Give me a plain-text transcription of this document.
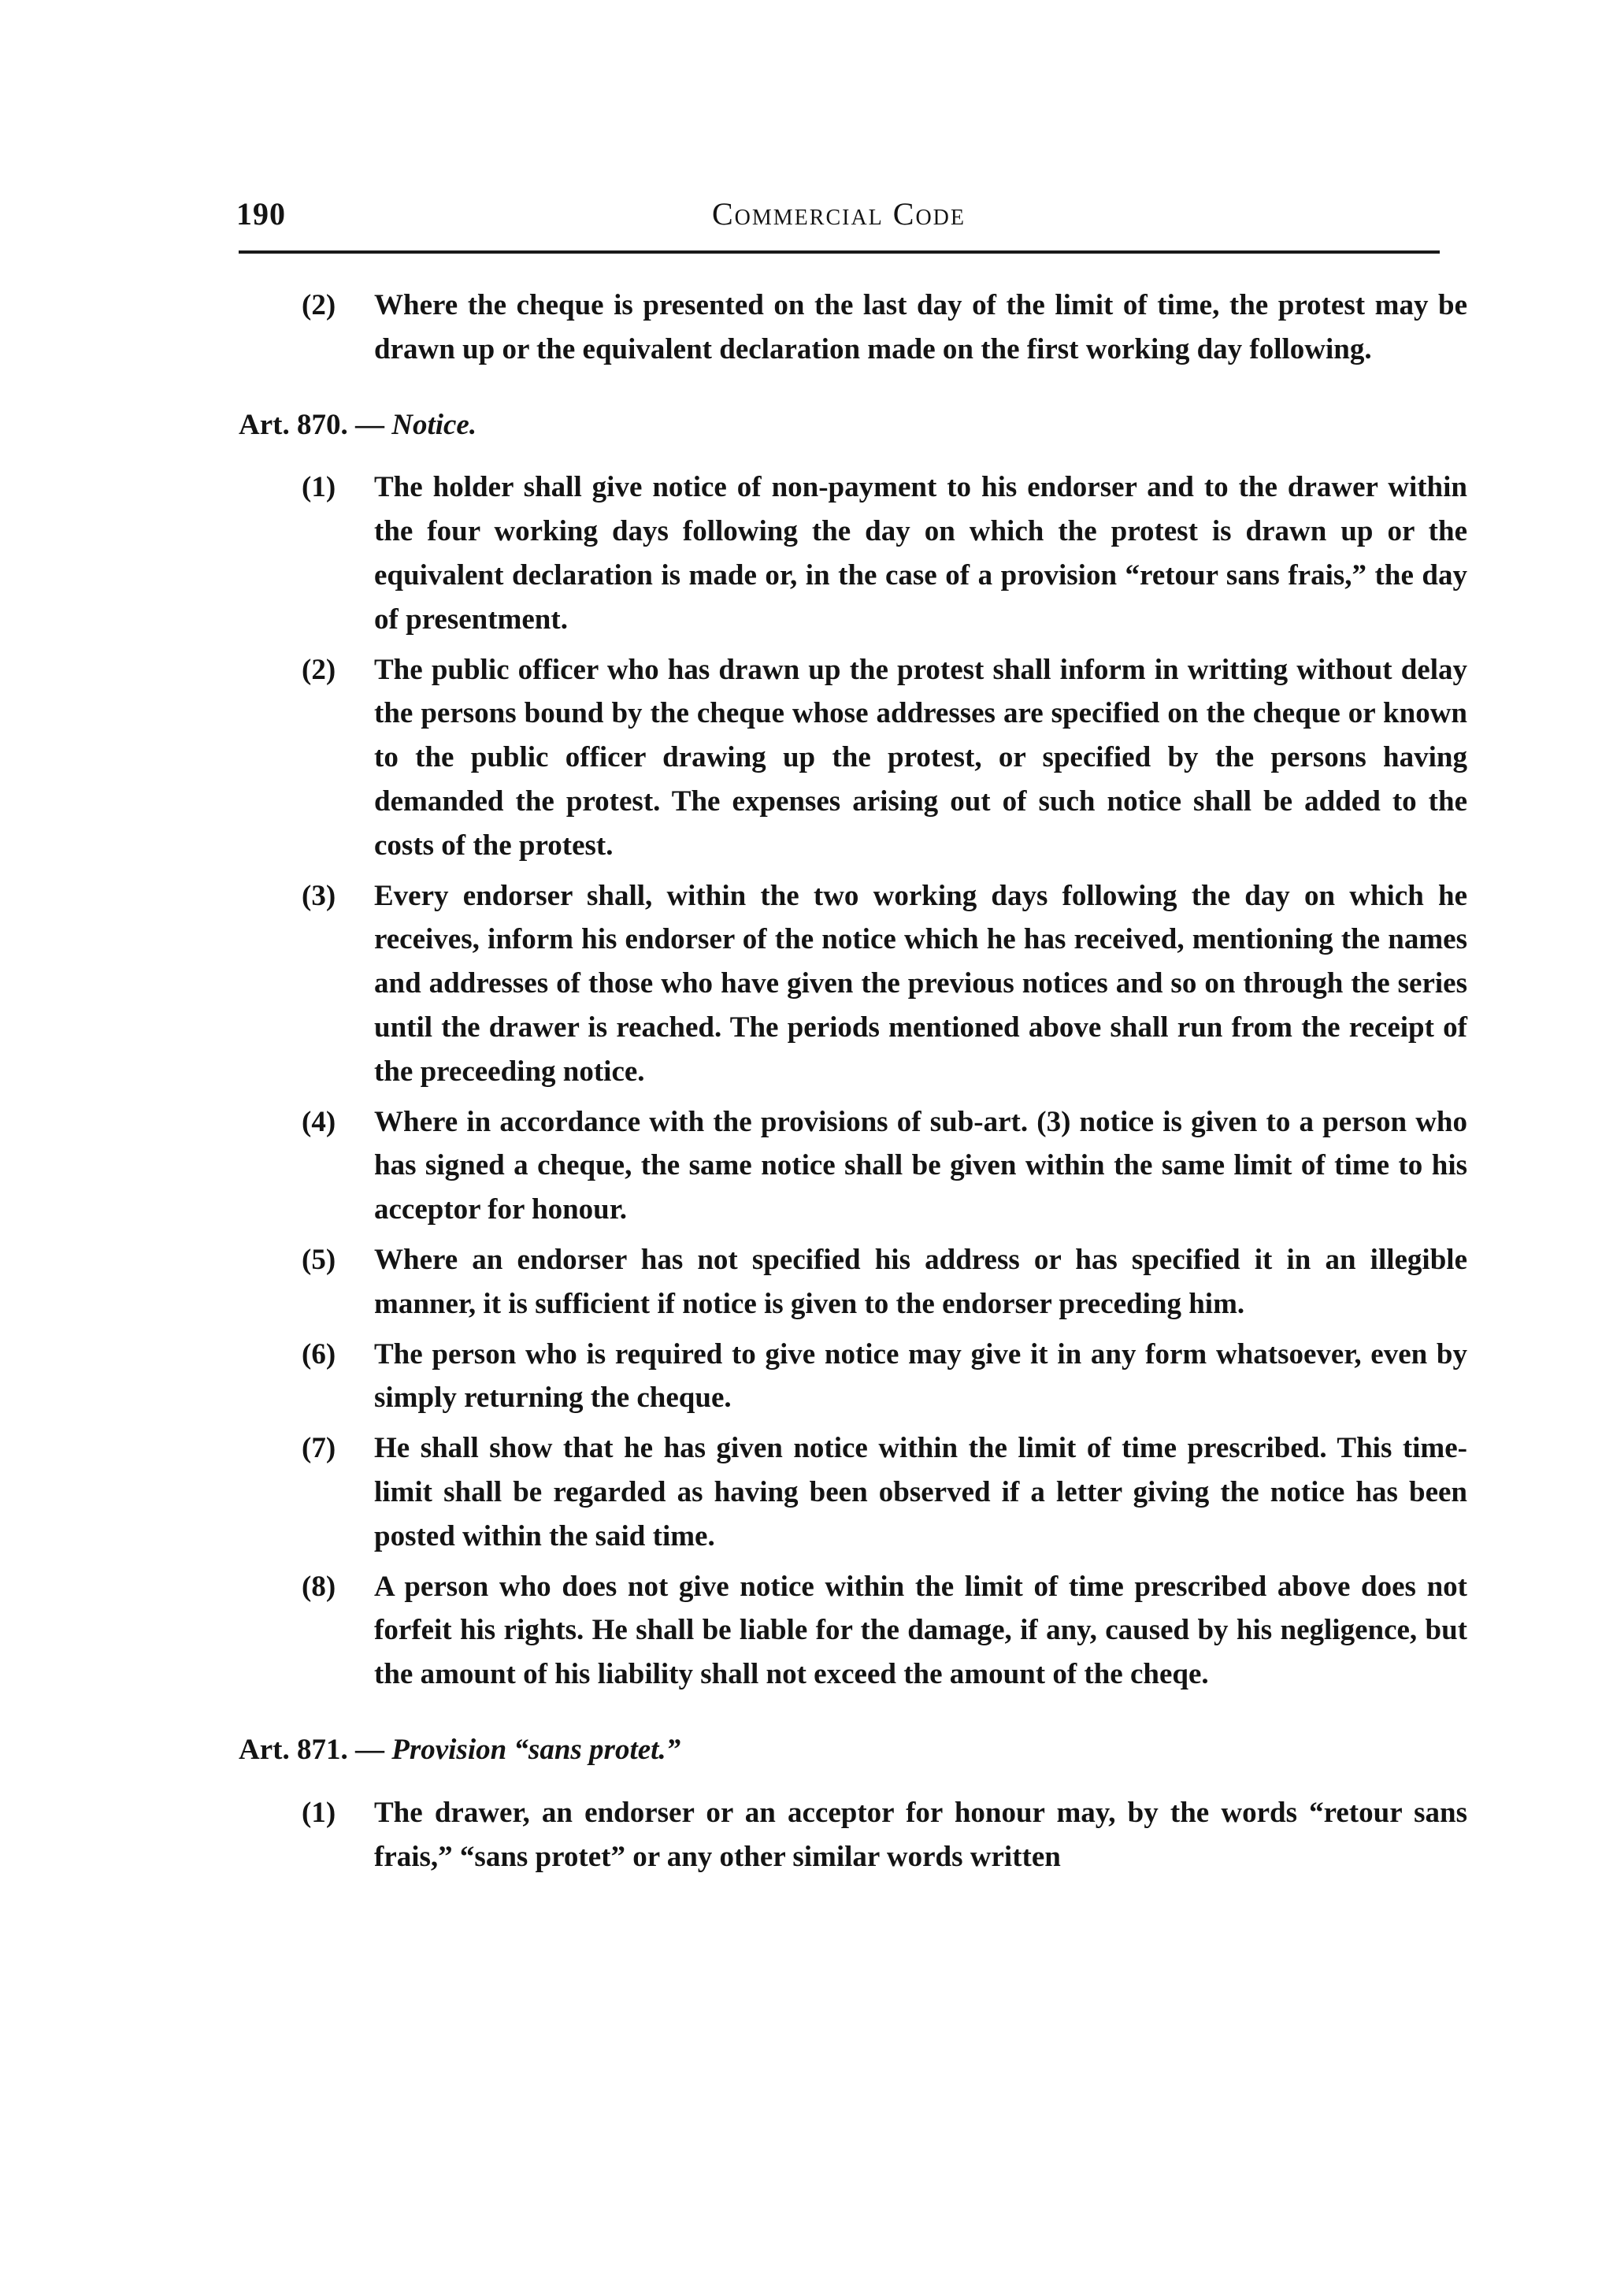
190	Commercial Code
(2)	Where the cheque is presented on the last day of the limit of time, the protest may be drawn up or the equivalent declaration made on the first working day following.
Art. 870. — Notice.
(1)	The holder shall give notice of non-payment to his endorser and to the drawer within the four working days following the day on which the protest is drawn up or the equivalent declaration is made or, in the case of a provision “retour sans frais,” the day of presentment.
(2)	The public officer who has drawn up the protest shall inform in writting without delay the persons bound by the cheque whose addresses are specified on the cheque or known to the public officer drawing up the protest, or specified by the persons having demanded the protest. The expenses arising out of such notice shall be added to the costs of the protest.
(3)	Every endorser shall, within the two working days following the day on which he receives, inform his endorser of the notice which he has received, mentioning the names and addresses of those who have given the previous notices and so on through the series until the drawer is reached. The periods mentioned above shall run from the receipt of the preceeding notice.
(4)	Where in accordance with the provisions of sub-art. (3) notice is given to a person who has signed a cheque, the same notice shall be given within the same limit of time to his acceptor for honour.
(5)	Where an endorser has not specified his address or has specified it in an illegible manner, it is sufficient if notice is given to the endorser preceding him.
(6)	The person who is required to give notice may give it in any form whatsoever, even by simply returning the cheque.
(7)	He shall show that he has given notice within the limit of time prescribed. This time-limit shall be regarded as having been observed if a letter giving the notice has been posted within the said time.
(8)	A person who does not give notice within the limit of time prescribed above does not forfeit his rights. He shall be liable for the damage, if any, caused by his negligence, but the amount of his liability shall not exceed the amount of the cheqe.
Art. 871. — Provision “sans protet.”
(1)	The drawer, an endorser or an acceptor for honour may, by the words “retour sans frais,” “sans protet” or any other similar words written
